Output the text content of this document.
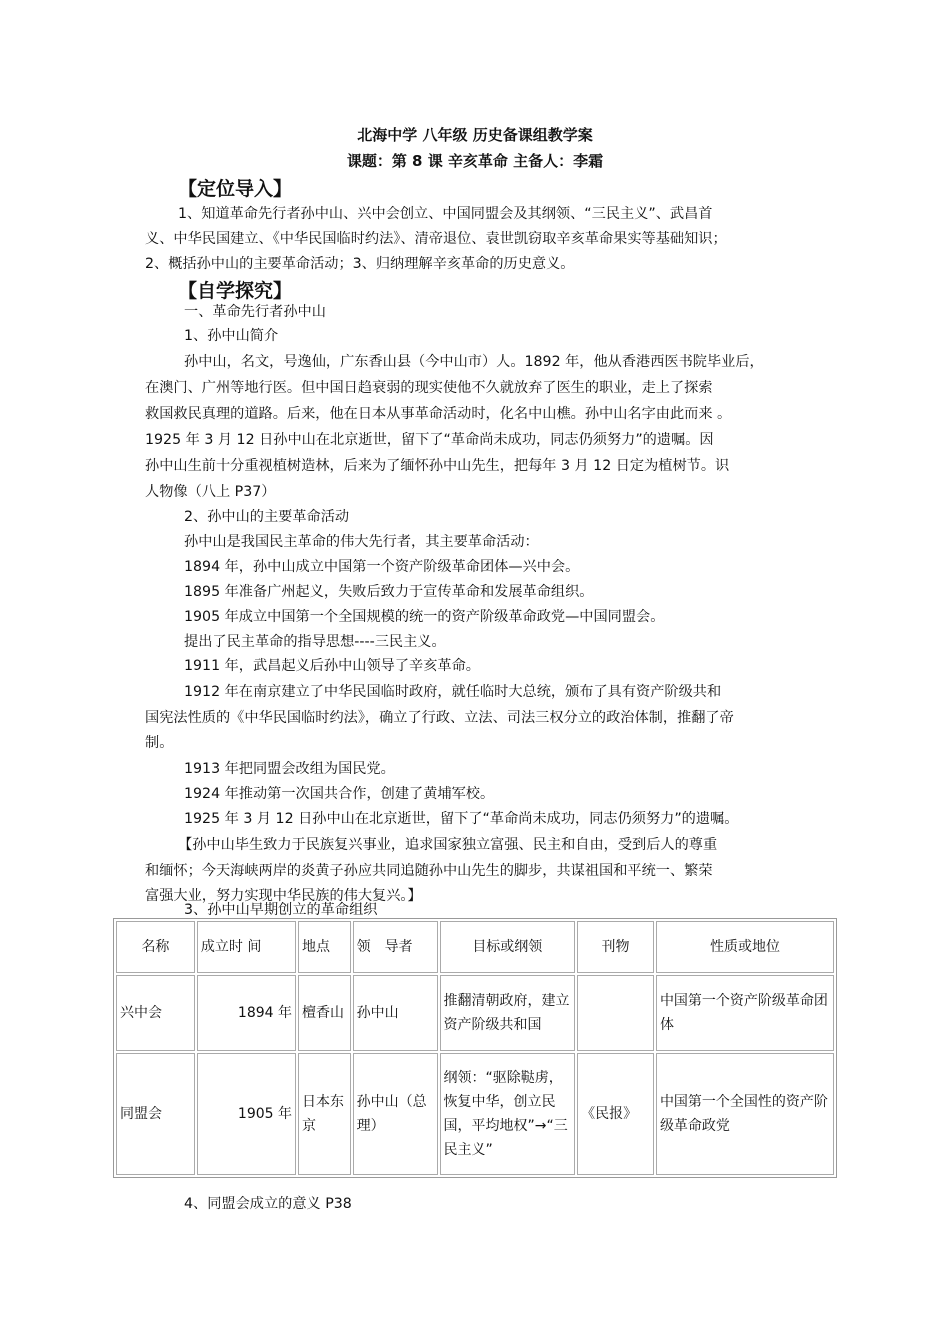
北海中学 八年级 历史备课组教学案
课题：第 8 课 辛亥革命 主备人：李霜
【定位导入】
1、知道革命先行者孙中山、兴中会创立、中国同盟会及其纲领、“三民主义”、武昌首
义、中华民国建立、《中华民国临时约法》、清帝退位、袁世凯窃取辛亥革命果实等基础知识；
2、概括孙中山的主要革命活动；3、归纳理解辛亥革命的历史意义。
【自学探究】
一、革命先行者孙中山
1、孙中山简介
孙中山，名文，号逸仙，广东香山县（今中山市）人。1892 年，他从香港西医书院毕业后，
在澳门、广州等地行医。但中国日趋衰弱的现实使他不久就放弃了医生的职业，走上了探索
救国救民真理的道路。后来，他在日本从事革命活动时，化名中山樵。孙中山名字由此而来 。
1925 年 3 月 12 日孙中山在北京逝世，留下了“革命尚未成功，同志仍须努力”的遗嘱。因
孙中山生前十分重视植树造林，后来为了缅怀孙中山先生，把每年 3 月 12 日定为植树节。识
人物像（八上 P37）
2、孙中山的主要革命活动
孙中山是我国民主革命的伟大先行者，其主要革命活动：
1894 年，孙中山成立中国第一个资产阶级革命团体—兴中会。
1895 年准备广州起义，失败后致力于宣传革命和发展革命组织。
1905 年成立中国第一个全国规模的统一的资产阶级革命政党—中国同盟会。
提出了民主革命的指导思想----三民主义。
1911 年，武昌起义后孙中山领导了辛亥革命。
1912 年在南京建立了中华民国临时政府，就任临时大总统，颁布了具有资产阶级共和
国宪法性质的《中华民国临时约法》，确立了行政、立法、司法三权分立的政治体制，推翻了帝
制。
1913 年把同盟会改组为国民党。
1924 年推动第一次国共合作，创建了黄埔军校。
1925 年 3 月 12 日孙中山在北京逝世，留下了“革命尚未成功，同志仍须努力”的遗嘱。
【孙中山毕生致力于民族复兴事业，追求国家独立富强、民主和自由，受到后人的尊重
和缅怀；今天海峡两岸的炎黄子孙应共同追随孙中山先生的脚步，共谋祖国和平统一、繁荣
富强大业，努力实现中华民族的伟大复兴。】
3、孙中山早期创立的革命组织
名称	成立时 间	地点	领　导者	目标或纲领	刊物	性质或地位
兴中会	1894 年	檀香山	孙中山	推翻清朝政府，建立资产阶级共和国		中国第一个资产阶级革命团体
同盟会	1905 年	日本东京	孙中山（总理）	纲领：“驱除鞑虏，恢复中华，创立民国，平均地权”→“三民主义”	《民报》	中国第一个全国性的资产阶级革命政党
4、同盟会成立的意义 P38
